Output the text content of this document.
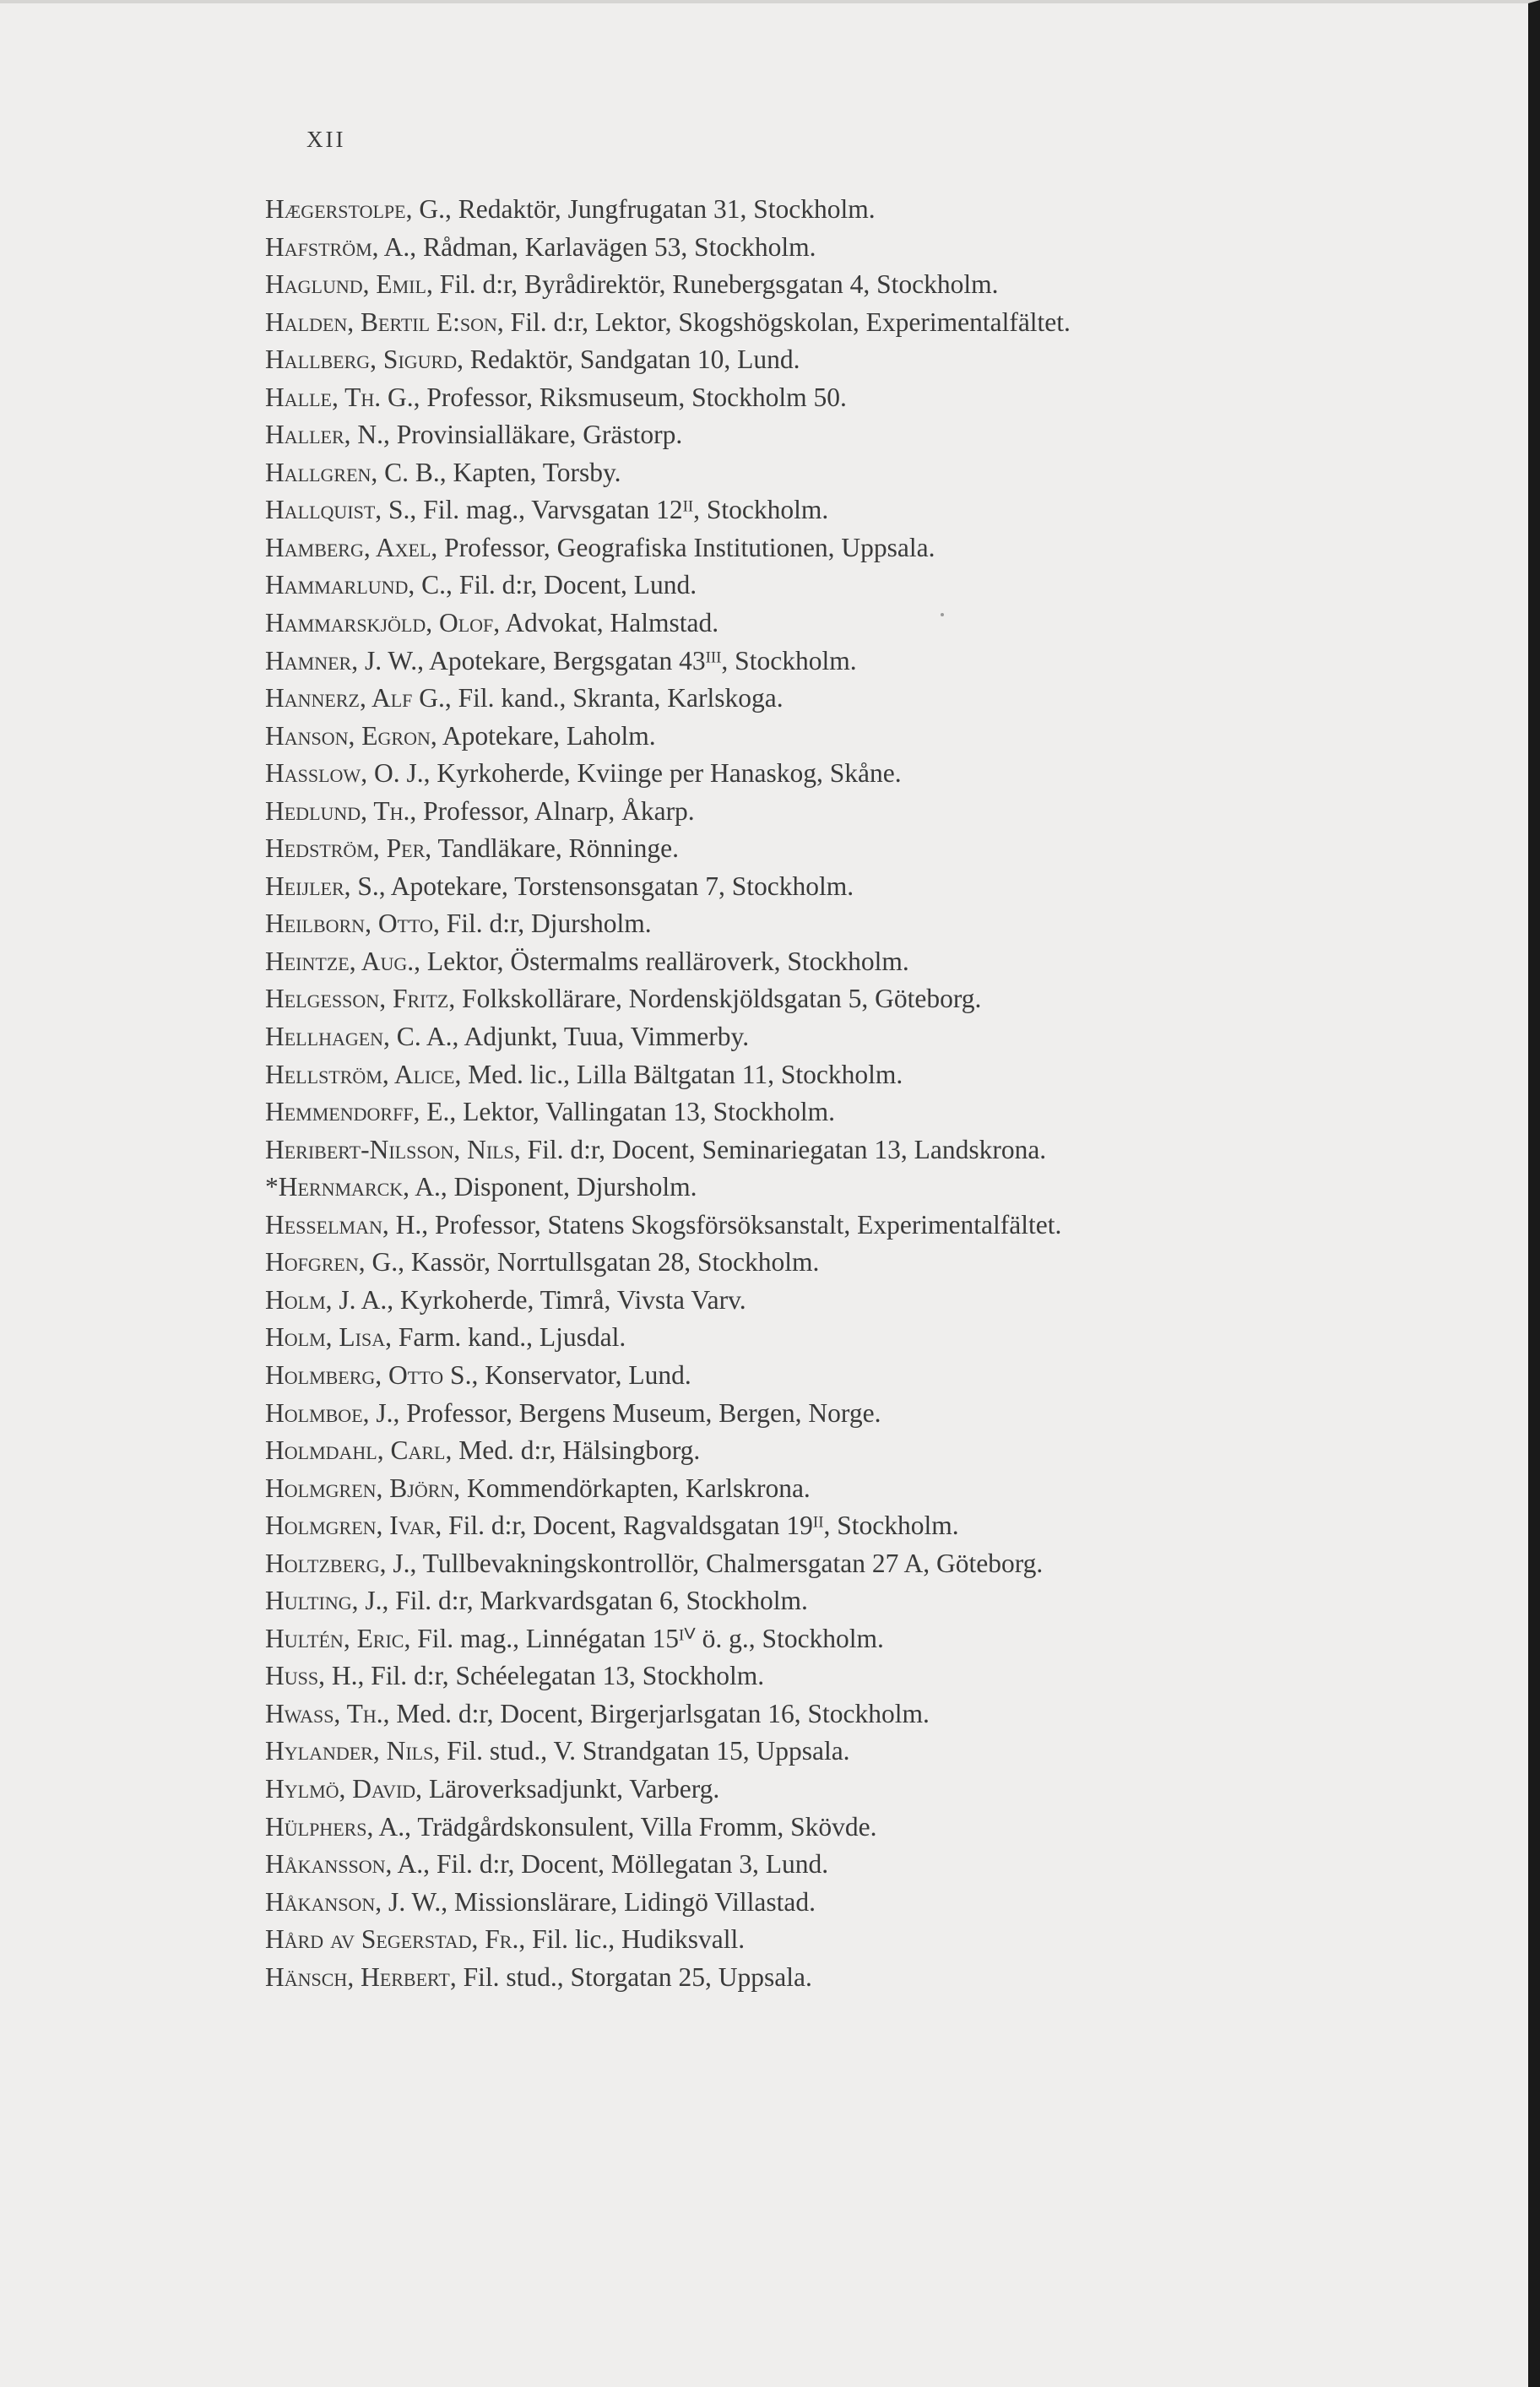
XII
Hægerstolpe, G., Redaktör, Jungfrugatan 31, Stockholm.
Hafström, A., Rådman, Karlavägen 53, Stockholm.
Haglund, Emil, Fil. d:r, Byrådirektör, Runebergsgatan 4, Stockholm.
Halden, Bertil E:son, Fil. d:r, Lektor, Skogshögskolan, Experimentalfältet.
Hallberg, Sigurd, Redaktör, Sandgatan 10, Lund.
Halle, Th. G., Professor, Riksmuseum, Stockholm 50.
Haller, N., Provinsialläkare, Grästorp.
Hallgren, C. B., Kapten, Torsby.
Hallquist, S., Fil. mag., Varvsgatan 12ᴵᴵ, Stockholm.
Hamberg, Axel, Professor, Geografiska Institutionen, Uppsala.
Hammarlund, C., Fil. d:r, Docent, Lund.
Hammarskjöld, Olof, Advokat, Halmstad.
Hamner, J. W., Apotekare, Bergsgatan 43ᴵᴵᴵ, Stockholm.
Hannerz, Alf G., Fil. kand., Skranta, Karlskoga.
Hanson, Egron, Apotekare, Laholm.
Hasslow, O. J., Kyrkoherde, Kviinge per Hanaskog, Skåne.
Hedlund, Th., Professor, Alnarp, Åkarp.
Hedström, Per, Tandläkare, Rönninge.
Heijler, S., Apotekare, Torstensonsgatan 7, Stockholm.
Heilborn, Otto, Fil. d:r, Djursholm.
Heintze, Aug., Lektor, Östermalms realläroverk, Stockholm.
Helgesson, Fritz, Folkskollärare, Nordenskjöldsgatan 5, Göteborg.
Hellhagen, C. A., Adjunkt, Tuua, Vimmerby.
Hellström, Alice, Med. lic., Lilla Bältgatan 11, Stockholm.
Hemmendorff, E., Lektor, Vallingatan 13, Stockholm.
Heribert-Nilsson, Nils, Fil. d:r, Docent, Seminariegatan 13, Landskrona.
*Hernmarck, A., Disponent, Djursholm.
Hesselman, H., Professor, Statens Skogsförsöksanstalt, Experimentalfältet.
Hofgren, G., Kassör, Norrtullsgatan 28, Stockholm.
Holm, J. A., Kyrkoherde, Timrå, Vivsta Varv.
Holm, Lisa, Farm. kand., Ljusdal.
Holmberg, Otto S., Konservator, Lund.
Holmboe, J., Professor, Bergens Museum, Bergen, Norge.
Holmdahl, Carl, Med. d:r, Hälsingborg.
Holmgren, Björn, Kommendörkapten, Karlskrona.
Holmgren, Ivar, Fil. d:r, Docent, Ragvaldsgatan 19ᴵᴵ, Stockholm.
Holtzberg, J., Tullbevakningskontrollör, Chalmersgatan 27 A, Göteborg.
Hulting, J., Fil. d:r, Markvardsgatan 6, Stockholm.
Hultén, Eric, Fil. mag., Linnégatan 15ᴵⱽ ö. g., Stockholm.
Huss, H., Fil. d:r, Schéelegatan 13, Stockholm.
Hwass, Th., Med. d:r, Docent, Birgerjarlsgatan 16, Stockholm.
Hylander, Nils, Fil. stud., V. Strandgatan 15, Uppsala.
Hylmö, David, Läroverksadjunkt, Varberg.
Hülphers, A., Trädgårdskonsulent, Villa Fromm, Skövde.
Håkansson, A., Fil. d:r, Docent, Möllegatan 3, Lund.
Håkanson, J. W., Missionslärare, Lidingö Villastad.
Hård av Segerstad, Fr., Fil. lic., Hudiksvall.
Hänsch, Herbert, Fil. stud., Storgatan 25, Uppsala.
